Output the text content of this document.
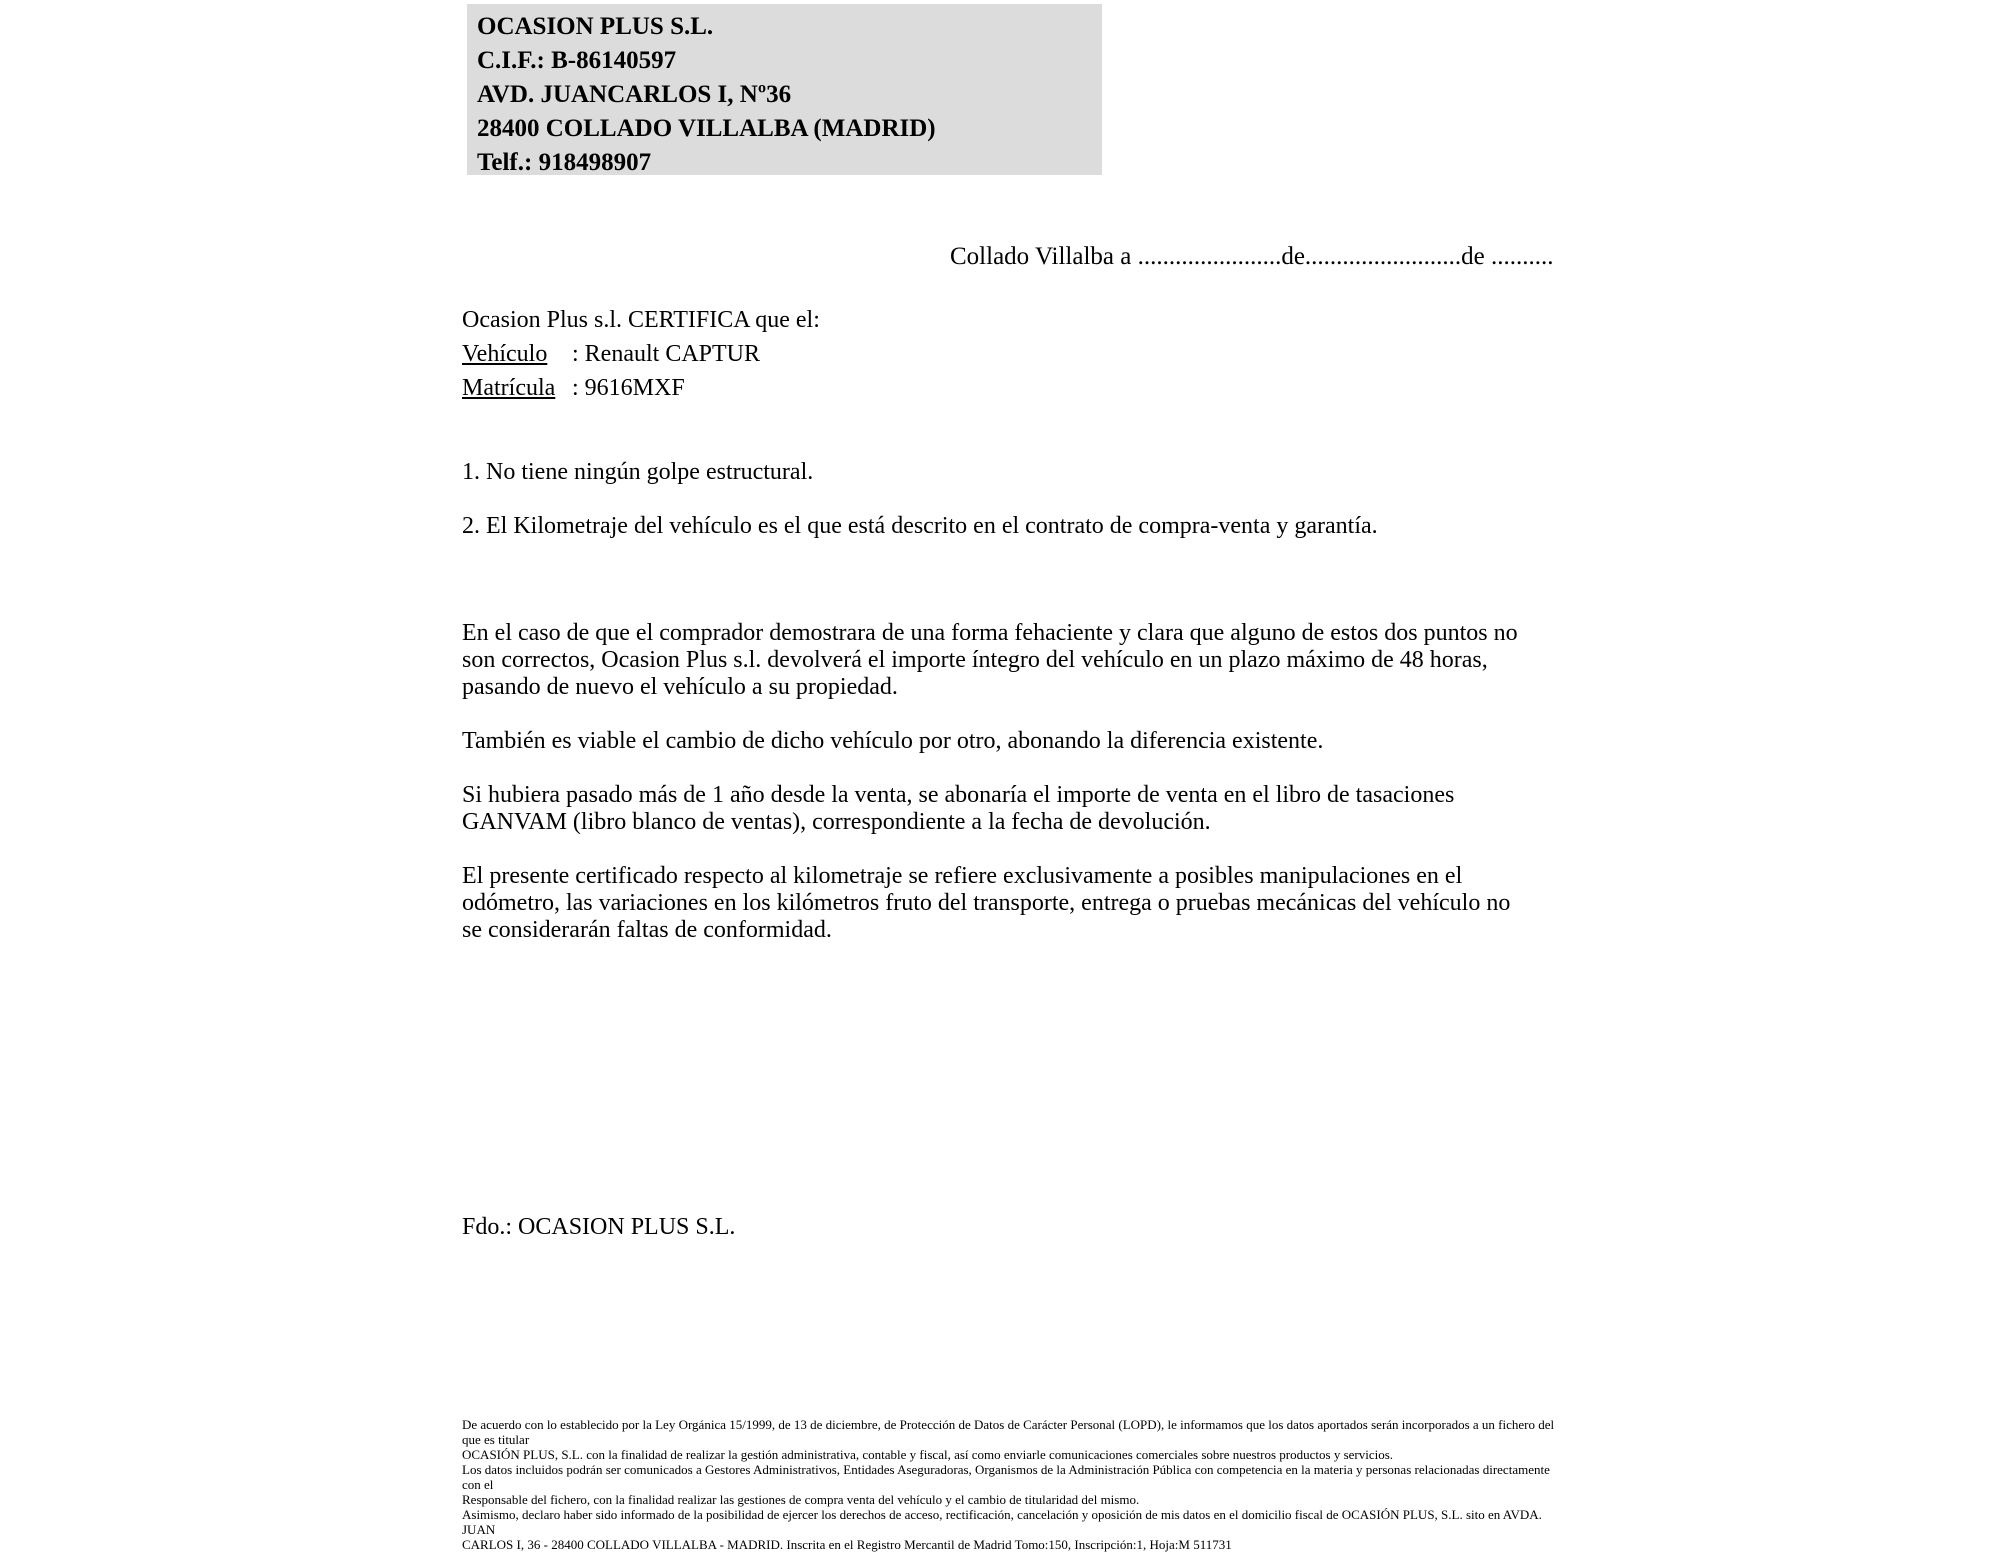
OCASION PLUS S.L.
C.I.F.: B-86140597
AVD. JUANCARLOS I, Nº36
28400 COLLADO VILLALBA (MADRID)
Telf.: 918498907
Collado Villalba a .......................de.........................de ..........
Ocasion Plus s.l. CERTIFICA que el:
Vehículo : Renault CAPTUR
Matrícula : 9616MXF
1. No tiene ningún golpe estructural.
2. El Kilometraje del vehículo es el que está descrito en el contrato de compra-venta y garantía.
En el caso de que el comprador demostrara de una forma fehaciente y clara que alguno de estos dos puntos no
son correctos, Ocasion Plus s.l. devolverá el importe íntegro del vehículo en un plazo máximo de 48 horas,
pasando de nuevo el vehículo a su propiedad.
También es viable el cambio de dicho vehículo por otro, abonando la diferencia existente.
Si hubiera pasado más de 1 año desde la venta, se abonaría el importe de venta en el libro de tasaciones
GANVAM (libro blanco de ventas), correspondiente a la fecha de devolución.
El presente certificado respecto al kilometraje se refiere exclusivamente a posibles manipulaciones en el
odómetro, las variaciones en los kilómetros fruto del transporte, entrega o pruebas mecánicas del vehículo no
se considerarán faltas de conformidad.
Fdo.: OCASION PLUS S.L.
De acuerdo con lo establecido por la Ley Orgánica 15/1999, de 13 de diciembre, de Protección de Datos de Carácter Personal (LOPD), le informamos que los datos aportados serán incorporados a un fichero del que es titular
OCASIÓN PLUS, S.L. con la finalidad de realizar la gestión administrativa, contable y fiscal, así como enviarle comunicaciones comerciales sobre nuestros productos y servicios.
Los datos incluidos podrán ser comunicados a Gestores Administrativos, Entidades Aseguradoras, Organismos de la Administración Pública con competencia en la materia y personas relacionadas directamente con el
Responsable del fichero, con la finalidad realizar las gestiones de compra venta del vehículo y el cambio de titularidad del mismo.
Asimismo, declaro haber sido informado de la posibilidad de ejercer los derechos de acceso, rectificación, cancelación y oposición de mis datos en el domicilio fiscal de OCASIÓN PLUS, S.L. sito en AVDA. JUAN
CARLOS I, 36 - 28400 COLLADO VILLALBA - MADRID. Inscrita en el Registro Mercantil de Madrid Tomo:150, Inscripción:1, Hoja:M 511731
